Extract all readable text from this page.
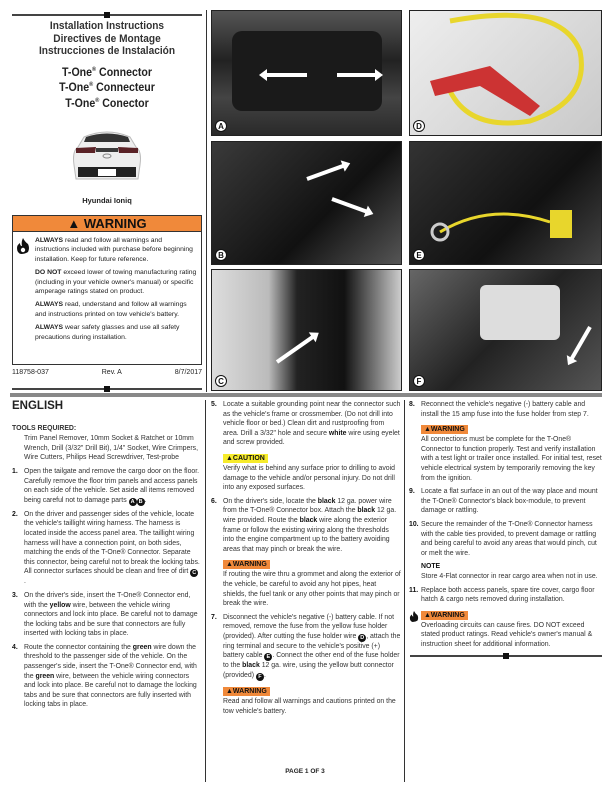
Installation Instructions
Directives de Montage
Instrucciones de Instalación
T-One® Connector
T-One® Connecteur
T-One® Conector
Hyundai Ioniq
▲ WARNING

ALWAYS read and follow all warnings and instructions included with purchase before beginning installation. Keep for future reference.

DO NOT exceed lower of towing manufacturing rating (including in your vehicle owner's manual) or specific amperage ratings stated on product.

ALWAYS read, understand and follow all warnings and instructions printed on tow vehicle's battery.

ALWAYS wear safety glasses and use all safety precautions during installation.

118758-037	Rev. A	8/7/2017
A
B
C
D
E
F
ENGLISH
TOOLS REQUIRED:
Trim Panel Remover, 10mm Socket & Ratchet or 10mm Wrench, Drill (3/32" Drill Bit), 1/4" Socket, Wire Crimpers, Wire Cutters, Philips Head Screwdriver, Test-probe
1. Open the tailgate and remove the cargo door on the floor. Carefully remove the floor trim panels and access panels on each side of the vehicle. Set aside all items removed being careful not to damage parts A B .
2. On the driver and passenger sides of the vehicle, locate the vehicle's taillight wiring harness. The harness is located inside the access panel area. The taillight wiring harness will have a connection point, on both sides, matching the ends of the T-One® Connector. Separate this connector, being careful not to break the locking tabs. All connector surfaces should be clean and free of dirt C.
3. On the driver's side, insert the T-One® Connector end, with the yellow wire, between the vehicle wiring connectors and lock into place. Be careful not to damage the locking tabs and be sure that connectors are fully inserted with locking tabs in place.
4. Route the connector containing the green wire down the threshold to the passenger side of the vehicle. On the passenger's side, insert the T-One® Connector end, with the green wire, between the vehicle wiring connectors and lock into place. Be careful not to damage the locking tabs and be sure that connectors are fully inserted with locking tabs in place.
5. Locate a suitable grounding point near the connector such as the vehicle's frame or crossmember. (Do not drill into vehicle floor or bed.) Clean dirt and rustproofing from area. Drill a 3/32" hole and secure white wire using eyelet and screw provided.
▲CAUTION
Verify what is behind any surface prior to drilling to avoid damage to the vehicle and/or personal injury. Do not drill into any exposed surfaces.
6. On the driver's side, locate the black 12 ga. power wire from the T-One® Connector box. Attach the black 12 ga. wire provided. Route the black wire along the exterior frame or follow the existing wiring along the thresholds into the engine compartment up to the battery avoiding areas that may pinch or break the wire.
▲WARNING
If routing the wire thru a grommet and along the exterior of the vehicle, be careful to avoid any hot pipes, heat shields, the fuel tank or any other points that may pinch or break the wire.
7. Disconnect the vehicle's negative (-) battery cable. If not removed, remove the fuse from the yellow fuse holder (provided). After cutting the fuse holder wire D , attach the ring terminal and secure to the vehicle's positive (+) battery cable E . Connect the other end of the fuse holder to the black 12 ga. wire, using the yellow butt connector (provided) F .
▲WARNING
Read and follow all warnings and cautions printed on the tow vehicle's battery.
8. Reconnect the vehicle's negative (-) battery cable and install the 15 amp fuse into the fuse holder from step 7.
▲WARNING
All connections must be complete for the T-One® Connector to function properly. Test and verify installation with a test light or trailer once installed. For initial test, reset vehicle electrical system by temporarily removing the key from the ignition.
9. Locate a flat surface in an out of the way place and mount the T-One® Connector's black box-module, to prevent damage or rattling.
10. Secure the remainder of the T-One® Connector harness with the cable ties provided, to prevent damage or rattling and being careful to avoid any areas that would pinch, cut or melt the wire.
NOTE
Store 4-Flat connector in rear cargo area when not in use.
11. Replace both access panels, spare tire cover, cargo floor hatch & cargo nets removed during installation.
▲WARNING
Overloading circuits can cause fires. DO NOT exceed stated product ratings. Read vehicle's owner's manual & instruction sheet for additional information.
PAGE 1 OF 3
